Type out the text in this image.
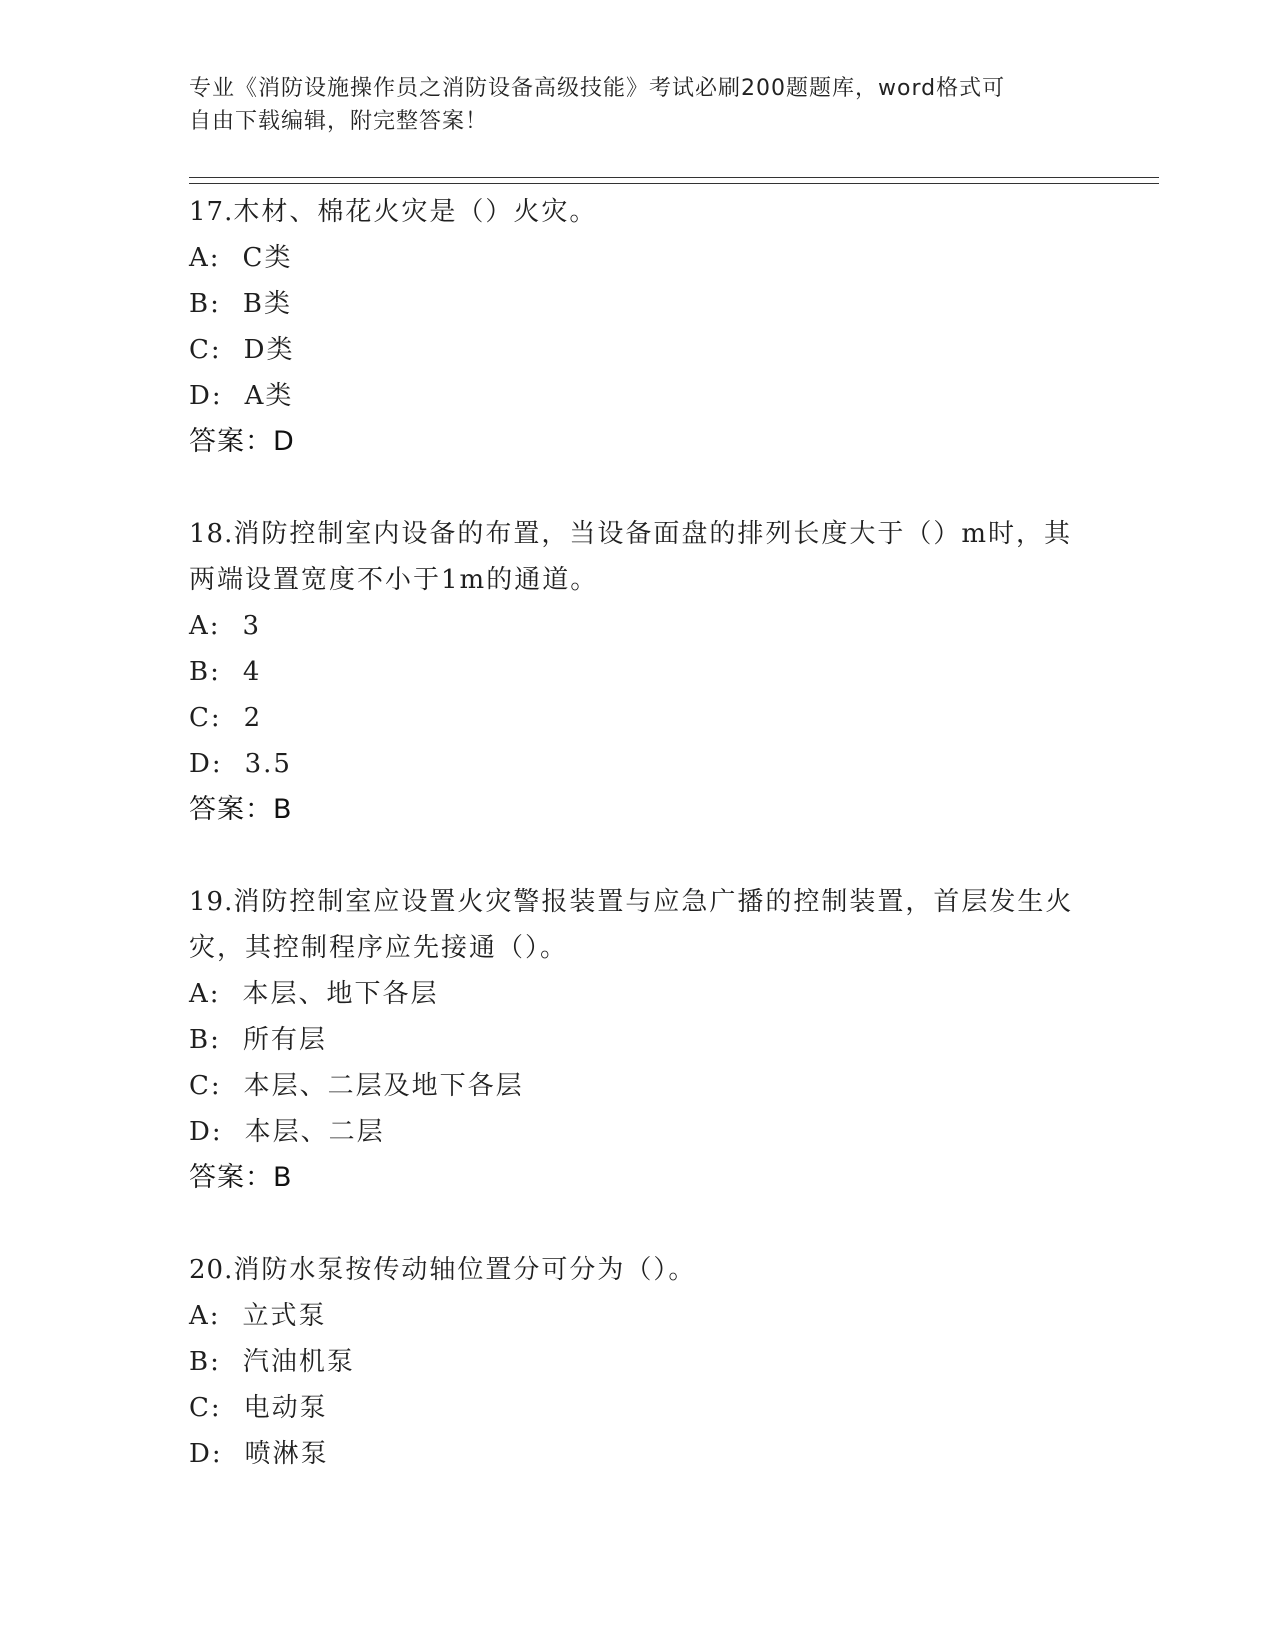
专业《消防设施操作员之消防设备高级技能》考试必刷200题题库，word格式可
自由下载编辑，附完整答案！
17.木材、棉花火灾是（）火灾。
A: C类
B: B类
C: D类
D: A类
答案：D
18.消防控制室内设备的布置，当设备面盘的排列长度大于（）m时，其两端设置宽度不小于1m的通道。
A: 3
B: 4
C: 2
D: 3.5
答案：B
19.消防控制室应设置火灾警报装置与应急广播的控制装置，首层发生火灾，其控制程序应先接通（）。
A: 本层、地下各层
B: 所有层
C: 本层、二层及地下各层
D: 本层、二层
答案：B
20.消防水泵按传动轴位置分可分为（）。
A: 立式泵
B: 汽油机泵
C: 电动泵
D: 喷淋泵
